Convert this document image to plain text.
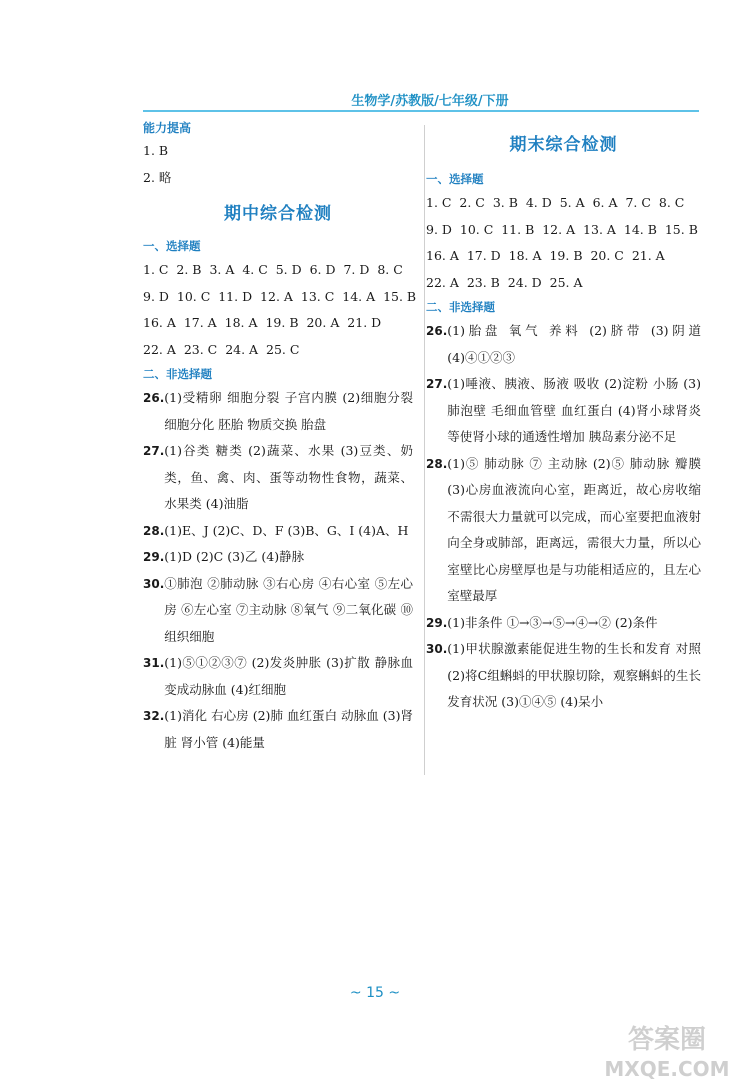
生物学/苏教版/七年级/下册
能力提高
1. B
2. 略
期中综合检测
一、选择题
1. C  2. B  3. A  4. C  5. D  6. D  7. D  8. C
9. D  10. C  11. D  12. A  13. C  14. A  15. B
16. A  17. A  18. A  19. B  20. A  21. D
22. A  23. C  24. A  25. C
二、非选择题
26. (1)受精卵 细胞分裂 子宫内膜 (2)细胞分裂 细胞分化 胚胎 物质交换 胎盘
27. (1)谷类 糖类 (2)蔬菜、水果 (3)豆类、奶类，鱼、禽、肉、蛋等动物性食物，蔬菜、水果类 (4)油脂
28. (1)E、J (2)C、D、F (3)B、G、I (4)A、H
29. (1)D (2)C (3)乙 (4)静脉
30. ①肺泡 ②肺动脉 ③右心房 ④右心室 ⑤左心房 ⑥左心室 ⑦主动脉 ⑧氧气 ⑨二氧化碳 ⑩组织细胞
31. (1)⑤①②③⑦ (2)发炎肿胀 (3)扩散 静脉血变成动脉血 (4)红细胞
32. (1)消化 右心房 (2)肺 血红蛋白 动脉血 (3)肾脏 肾小管 (4)能量
期末综合检测
一、选择题
1. C  2. C  3. B  4. D  5. A  6. A  7. C  8. C
9. D  10. C  11. B  12. A  13. A  14. B  15. B
16. A  17. D  18. A  19. B  20. C  21. A
22. A  23. B  24. D  25. A
二、非选择题
26. (1)胎盘 氧气 养料 (2)脐带 (3)阴道 (4)④①②③
27. (1)唾液、胰液、肠液 吸收 (2)淀粉 小肠 (3)肺泡壁 毛细血管壁 血红蛋白 (4)肾小球肾炎等使肾小球的通透性增加 胰岛素分泌不足
28. (1)⑤ 肺动脉 ⑦ 主动脉 (2)⑤ 肺动脉 瓣膜 (3)心房血液流向心室，距离近，故心房收缩不需很大力量就可以完成，而心室要把血液射向全身或肺部，距离远，需很大力量，所以心室壁比心房壁厚也是与功能相适应的，且左心室壁最厚
29. (1)非条件 ①→③→⑤→④→② (2)条件
30. (1)甲状腺激素能促进生物的生长和发育 对照 (2)将C组蝌蚪的甲状腺切除，观察蝌蚪的生长发育状况 (3)①④⑤ (4)呆小
~ 15 ~
答案圈
MXQE.COM
